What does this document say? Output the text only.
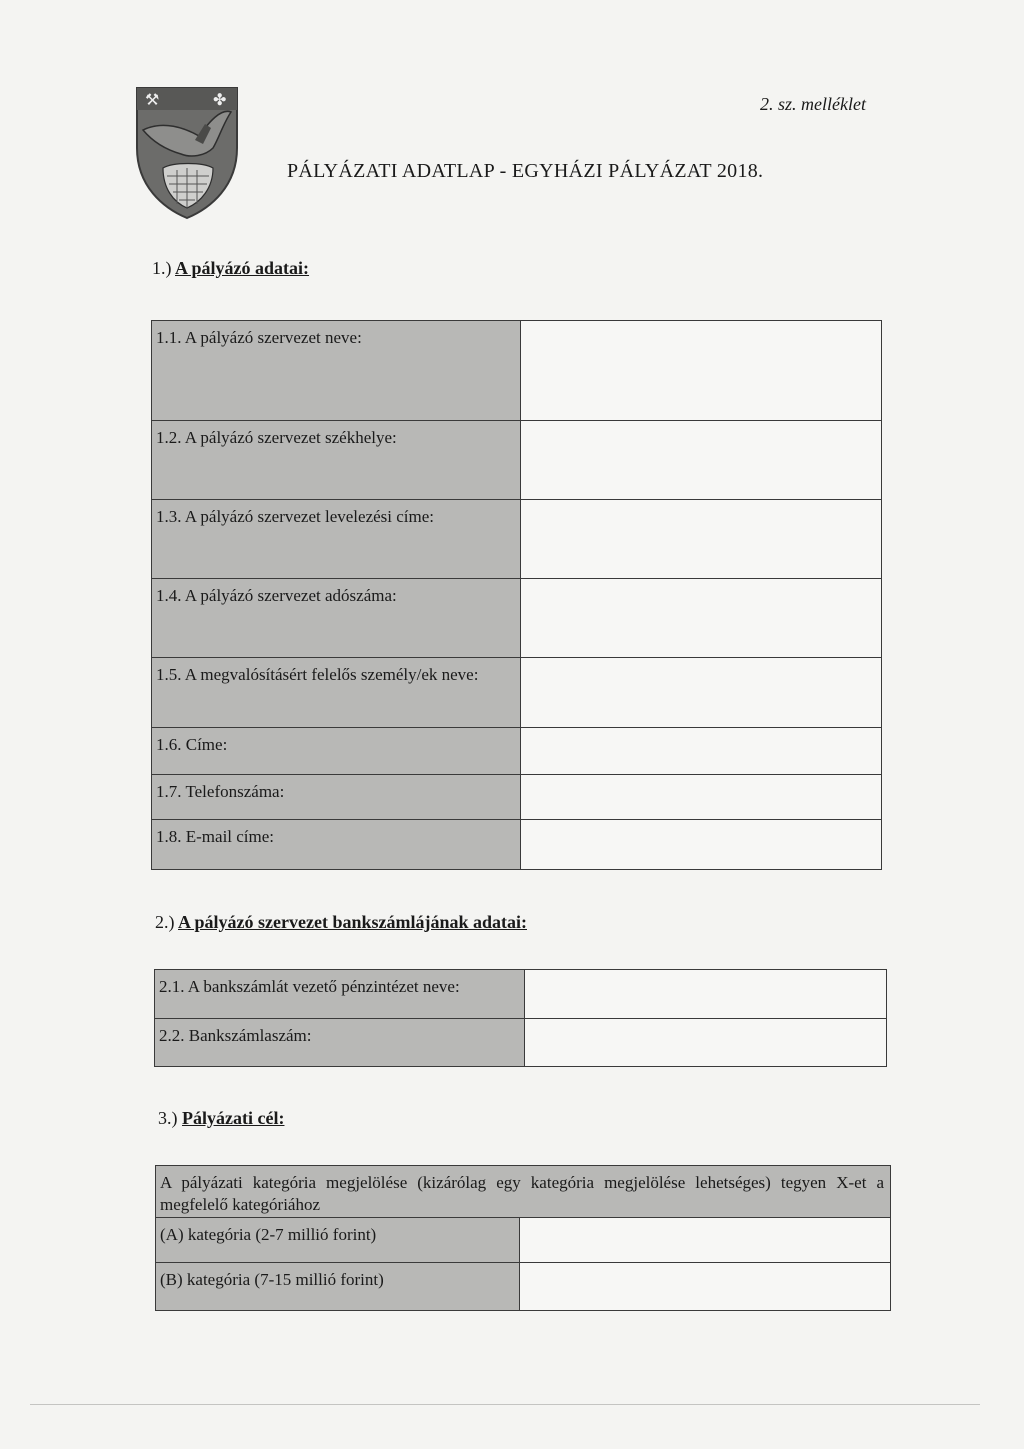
⚒	✤	2. sz. melléklet
PÁLYÁZATI ADATLAP - EGYHÁZI PÁLYÁZAT 2018.
1.) A pályázó adatai:
1.1. A pályázó szervezet neve:	
1.2. A pályázó szervezet székhelye:	
1.3. A pályázó szervezet levelezési címe:	
1.4. A pályázó szervezet adószáma:	
1.5. A megvalósításért felelős személy/ek neve:	
1.6. Címe:	
1.7. Telefonszáma:	
1.8. E-mail címe:	
2.) A pályázó szervezet bankszámlájának adatai:
2.1. A bankszámlát vezető pénzintézet neve:	
2.2. Bankszámlaszám:	
3.) Pályázati cél:
A pályázati kategória megjelölése (kizárólag egy kategória megjelölése lehetséges) tegyen X-et a megfelelő kategóriához	
(A) kategória (2-7 millió forint)	
(B) kategória (7-15 millió forint)	
